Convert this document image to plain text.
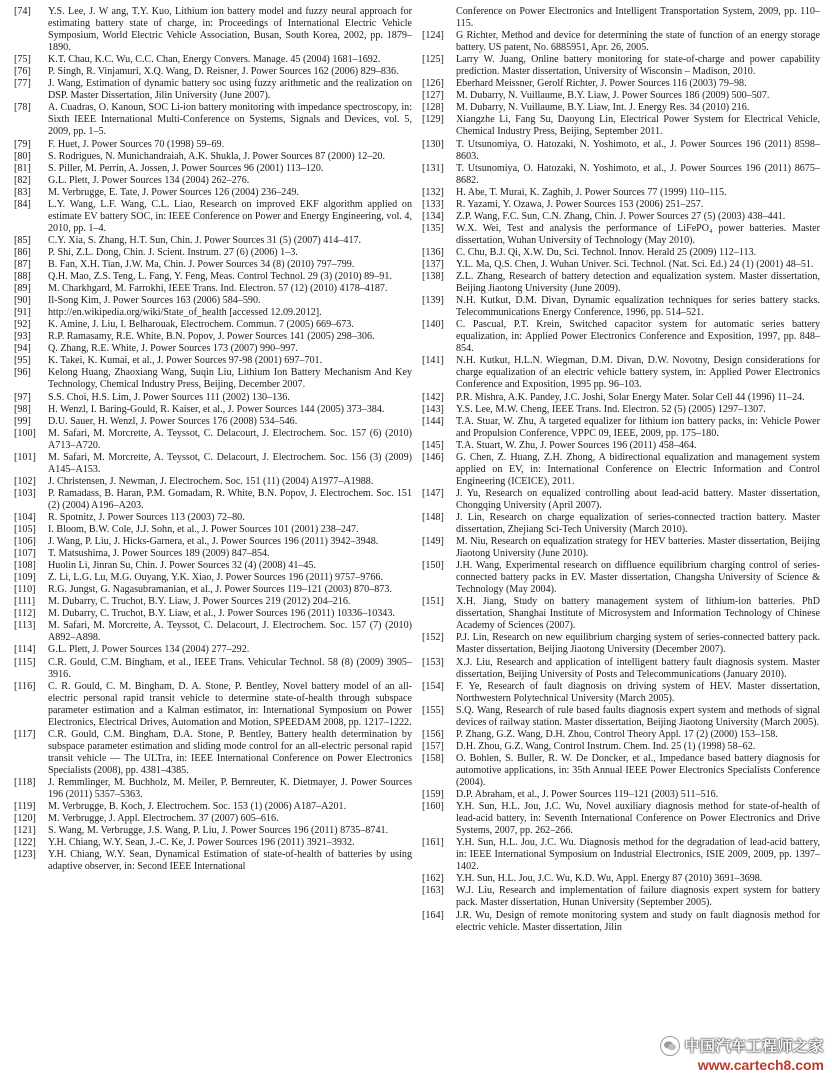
[74]	Y.S. Lee, J. W ang, T.Y. Kuo, Lithium ion battery model and fuzzy neural approach for estimating battery state of charge, in: Proceedings of International Electric Vehicle Symposium, World Electric Vehicle Association, Busan, South Korea, 2002, pp. 1879–1890.
[75]	K.T. Chau, K.C. Wu, C.C. Chan, Energy Convers. Manage. 45 (2004) 1681–1692.
[76]	P. Singh, R. Vinjamuri, X.Q. Wang, D. Reisner, J. Power Sources 162 (2006) 829–836.
[77]	J. Wang, Estimation of dynamic battery soc using fuzzy arithmetic and the realization on DSP. Master Dissertation, Jilin University (June 2007).
[78]	A. Cuadras, O. Kanoun, SOC Li-ion battery monitoring with impedance spectroscopy, in: Sixth IEEE International Multi-Conference on Systems, Signals and Devices, vol. 5, 2009, pp. 1–5.
[79]	F. Huet, J. Power Sources 70 (1998) 59–69.
[80]	S. Rodrigues, N. Munichandraiah, A.K. Shukla, J. Power Sources 87 (2000) 12–20.
[81]	S. Piller, M. Perrin, A. Jossen, J. Power Sources 96 (2001) 113–120.
[82]	G.L. Plett, J. Power Sources 134 (2004) 262–276.
[83]	M. Verbrugge, E. Tate, J. Power Sources 126 (2004) 236–249.
[84]	L.Y. Wang, L.F. Wang, C.L. Liao, Research on improved EKF algorithm applied on estimate EV battery SOC, in: IEEE Conference on Power and Energy Engineering, vol. 4, 2010, pp. 1–4.
[85]	C.Y. Xia, S. Zhang, H.T. Sun, Chin. J. Power Sources 31 (5) (2007) 414–417.
[86]	P. Shi, Z.L. Dong, Chin. J. Scient. Instrum. 27 (6) (2006) 1–3.
[87]	B. Fan, X.H. Tian, J.W. Ma, Chin. J. Power Sources 34 (8) (2010) 797–799.
[88]	Q.H. Mao, Z.S. Teng, L. Fang, Y. Feng, Meas. Control Technol. 29 (3) (2010) 89–91.
[89]	M. Charkhgard, M. Farrokhi, IEEE Trans. Ind. Electron. 57 (12) (2010) 4178–4187.
[90]	Il-Song Kim, J. Power Sources 163 (2006) 584–590.
[91]	http://en.wikipedia.org/wiki/State_of_health [accessed 12.09.2012].
[92]	K. Amine, J. Liu, I. Belharouak, Electrochem. Commun. 7 (2005) 669–673.
[93]	R.P. Ramasamy, R.E. White, B.N. Popov, J. Power Sources 141 (2005) 298–306.
[94]	Q. Zhang, R.E. White, J. Power Sources 173 (2007) 990–997.
[95]	K. Takei, K. Kumai, et al., J. Power Sources 97-98 (2001) 697–701.
[96]	Kelong Huang, Zhaoxiang Wang, Suqin Liu, Lithium Ion Battery Mechanism And Key Technology, Chemical Industry Press, Beijing, December 2007.
[97]	S.S. Choi, H.S. Lim, J. Power Sources 111 (2002) 130–136.
[98]	H. Wenzl, I. Baring-Gould, R. Kaiser, et al., J. Power Sources 144 (2005) 373–384.
[99]	D.U. Sauer, H. Wenzl, J. Power Sources 176 (2008) 534–546.
[100]	M. Safari, M. Morcrette, A. Teyssot, C. Delacourt, J. Electrochem. Soc. 157 (6) (2010) A713–A720.
[101]	M. Safari, M. Morcrette, A. Teyssot, C. Delacourt, J. Electrochem. Soc. 156 (3) (2009) A145–A153.
[102]	J. Christensen, J. Newman, J. Electrochem. Soc. 151 (11) (2004) A1977–A1988.
[103]	P. Ramadass, B. Haran, P.M. Gomadam, R. White, B.N. Popov, J. Electrochem. Soc. 151 (2) (2004) A196–A203.
[104]	R. Spotnitz, J. Power Sources 113 (2003) 72–80.
[105]	I. Bloom, B.W. Cole, J.J. Sohn, et al., J. Power Sources 101 (2001) 238–247.
[106]	J. Wang, P. Liu, J. Hicks-Garnera, et al., J. Power Sources 196 (2011) 3942–3948.
[107]	T. Matsushima, J. Power Sources 189 (2009) 847–854.
[108]	Huolin Li, Jinran Su, Chin. J. Power Sources 32 (4) (2008) 41–45.
[109]	Z. Li, L.G. Lu, M.G. Ouyang, Y.K. Xiao, J. Power Sources 196 (2011) 9757–9766.
[110]	R.G. Jungst, G. Nagasubramanian, et al., J. Power Sources 119–121 (2003) 870–873.
[111]	M. Dubarry, C. Truchot, B.Y. Liaw, J. Power Sources 219 (2012) 204–216.
[112]	M. Dubarry, C. Truchot, B.Y. Liaw, et al., J. Power Sources 196 (2011) 10336–10343.
[113]	M. Safari, M. Morcrette, A. Teyssot, C. Delacourt, J. Electrochem. Soc. 157 (7) (2010) A892–A898.
[114]	G.L. Plett, J. Power Sources 134 (2004) 277–292.
[115]	C.R. Gould, C.M. Bingham, et al., IEEE Trans. Vehicular Technol. 58 (8) (2009) 3905–3916.
[116]	C. R. Gould, C. M. Bingham, D. A. Stone, P. Bentley, Novel battery model of an all-electric personal rapid transit vehicle to determine state-of-health through subspace parameter estimation and a Kalman estimator, in: International Symposium on Power Electronics, Electrical Drives, Automation and Motion, SPEEDAM 2008, pp. 1217–1222.
[117]	C.R. Gould, C.M. Bingham, D.A. Stone, P. Bentley, Battery health determination by subspace parameter estimation and sliding mode control for an all-electric personal rapid transit vehicle — The ULTra, in: IEEE International Conference on Power Electronics Specialists (2008), pp. 4381–4385.
[118]	J. Remmlinger, M. Buchholz, M. Meiler, P. Bernreuter, K. Dietmayer, J. Power Sources 196 (2011) 5357–5363.
[119]	M. Verbrugge, B. Koch, J. Electrochem. Soc. 153 (1) (2006) A187–A201.
[120]	M. Verbrugge, J. Appl. Electrochem. 37 (2007) 605–616.
[121]	S. Wang, M. Verbrugge, J.S. Wang, P. Liu, J. Power Sources 196 (2011) 8735–8741.
[122]	Y.H. Chiang, W.Y. Sean, J.-C. Ke, J. Power Sources 196 (2011) 3921–3932.
[123]	Y.H. Chiang, W.Y. Sean, Dynamical Estimation of state-of-health of batteries by using adaptive observer, in: Second IEEE International
Conference on Power Electronics and Intelligent Transportation System, 2009, pp. 110–115.
[124]	G Richter, Method and device for determining the state of function of an energy storage battery. US patent, No. 6885951, Apr. 26, 2005.
[125]	Larry W. Juang, Online battery monitoring for state-of-charge and power capability prediction. Master dissertation, University of Wisconsin – Madison, 2010.
[126]	Eberhard Meissner, Gerolf Richter, J. Power Sources 116 (2003) 79–98.
[127]	M. Dubarry, N. Vuillaume, B.Y. Liaw, J. Power Sources 186 (2009) 500–507.
[128]	M. Dubarry, N. Vuillaume, B.Y. Liaw, Int. J. Energy Res. 34 (2010) 216.
[129]	Xiangzhe Li, Fang Su, Daoyong Lin, Electrical Power System for Electrical Vehicle, Chemical Industry Press, Beijing, September 2011.
[130]	T. Utsunomiya, O. Hatozaki, N. Yoshimoto, et al., J. Power Sources 196 (2011) 8598–8603.
[131]	T. Utsunomiya, O. Hatozaki, N. Yoshimoto, et al., J. Power Sources 196 (2011) 8675–8682.
[132]	H. Abe, T. Murai, K. Zaghib, J. Power Sources 77 (1999) 110–115.
[133]	R. Yazami, Y. Ozawa, J. Power Sources 153 (2006) 251–257.
[134]	Z.P. Wang, F.C. Sun, C.N. Zhang, Chin. J. Power Sources 27 (5) (2003) 438–441.
[135]	W.X. Wei, Test and analysis the performance of LiFePO₄ power batteries. Master dissertation, Wuhan University of Technology (May 2010).
[136]	C. Chu, B.J. Qi, X.W. Du, Sci. Technol. Innov. Herald 25 (2009) 112–113.
[137]	Y.L. Ma, Q.S. Chen, J. Wuhan Univer. Sci. Technol. (Nat. Sci. Ed.) 24 (1) (2001) 48–51.
[138]	Z.L. Zhang, Research of battery detection and equalization system. Master dissertation, Beijing Jiaotong University (June 2009).
[139]	N.H. Kutkut, D.M. Divan, Dynamic equalization techniques for series battery stacks. Telecommunications Energy Conference, 1996, pp. 514–521.
[140]	C. Pascual, P.T. Krein, Switched capacitor system for automatic series battery equalization, in: Applied Power Electronics Conference and Exposition, 1997, pp. 848–854.
[141]	N.H. Kutkut, H.L.N. Wiegman, D.M. Divan, D.W. Novotny, Design considerations for charge equalization of an electric vehicle battery system, in: Applied Power Electronics Conference and Exposition, 1995 pp. 96–103.
[142]	P.R. Mishra, A.K. Pandey, J.C. Joshi, Solar Energy Mater. Solar Cell 44 (1996) 11–24.
[143]	Y.S. Lee, M.W. Cheng, IEEE Trans. Ind. Electron. 52 (5) (2005) 1297–1307.
[144]	T.A. Stuar, W. Zhu, A targeted equalizer for lithium ion battery packs, in: Vehicle Power and Propulsion Conference, VPPC 09, IEEE, 2009, pp. 175–180.
[145]	T.A. Stuart, W. Zhu, J. Power Sources 196 (2011) 458–464.
[146]	G. Chen, Z. Huang, Z.H. Zhong, A bidirectional equalization and management system applied on EV, in: International Conference on Electric Information and Control Engineering (ICEICE), 2011.
[147]	J. Yu, Research on equalized controlling about lead-acid battery. Master dissertation, Chongqing University (April 2007).
[148]	J. Lin, Research on charge equalization of series-connected traction battery. Master dissertation, Zhejiang Sci-Tech University (March 2010).
[149]	M. Niu, Research on equalization strategy for HEV batteries. Master dissertation, Beijing Jiaotong University (June 2010).
[150]	J.H. Wang, Experimental research on diffluence equilibrium charging control of series-connected battery packs in EV. Master dissertation, Changsha University of Science & Technology (May 2004).
[151]	X.H. Jiang, Study on battery management system of lithium-ion batteries. PhD dissertation, Shanghai Institute of Microsystem and Information Technology of Chinese Academy of Sciences (2007).
[152]	P.J. Lin, Research on new equilibrium charging system of series-connected battery pack. Master dissertation, Beijing Jiaotong University (December 2007).
[153]	X.J. Liu, Research and application of intelligent battery fault diagnosis system. Master dissertation, Beijing University of Posts and Telecommunications (January 2010).
[154]	F. Ye, Research of fault diagnosis on driving system of HEV. Master dissertation, Northwestern Polytechnical University (March 2005).
[155]	S.Q. Wang, Research of rule based faults diagnosis expert system and methods of signal devices of railway station. Master dissertation, Beijing Jiaotong University (March 2005).
[156]	P. Zhang, G.Z. Wang, D.H. Zhou, Control Theory Appl. 17 (2) (2000) 153–158.
[157]	D.H. Zhou, G.Z. Wang, Control Instrum. Chem. Ind. 25 (1) (1998) 58–62.
[158]	O. Bohlen, S. Buller, R. W. De Doncker, et al., Impedance based battery diagnosis for automotive applications, in: 35th Annual IEEE Power Electronics Specialists Conference (2004).
[159]	D.P. Abraham, et al., J. Power Sources 119–121 (2003) 511–516.
[160]	Y.H. Sun, H.L. Jou, J.C. Wu, Novel auxiliary diagnosis method for state-of-health of lead-acid battery, in: Seventh International Conference on Power Electronics and Drive Systems, 2007, pp. 262–266.
[161]	Y.H. Sun, H.L. Jou, J.C. Wu. Diagnosis method for the degradation of lead-acid battery, in: IEEE International Symposium on Industrial Electronics, ISIE 2009, 2009, pp. 1397–1402.
[162]	Y.H. Sun, H.L. Jou, J.C. Wu, K.D. Wu, Appl. Energy 87 (2010) 3691–3698.
[163]	W.J. Liu, Research and implementation of failure diagnosis expert system for battery pack. Master dissertation, Hunan University (September 2005).
[164]	J.R. Wu, Design of remote monitoring system and study on fault diagnosis method for electric vehicle. Master dissertation, Jilin
中国汽车工程师之家
www.cartech8.com
